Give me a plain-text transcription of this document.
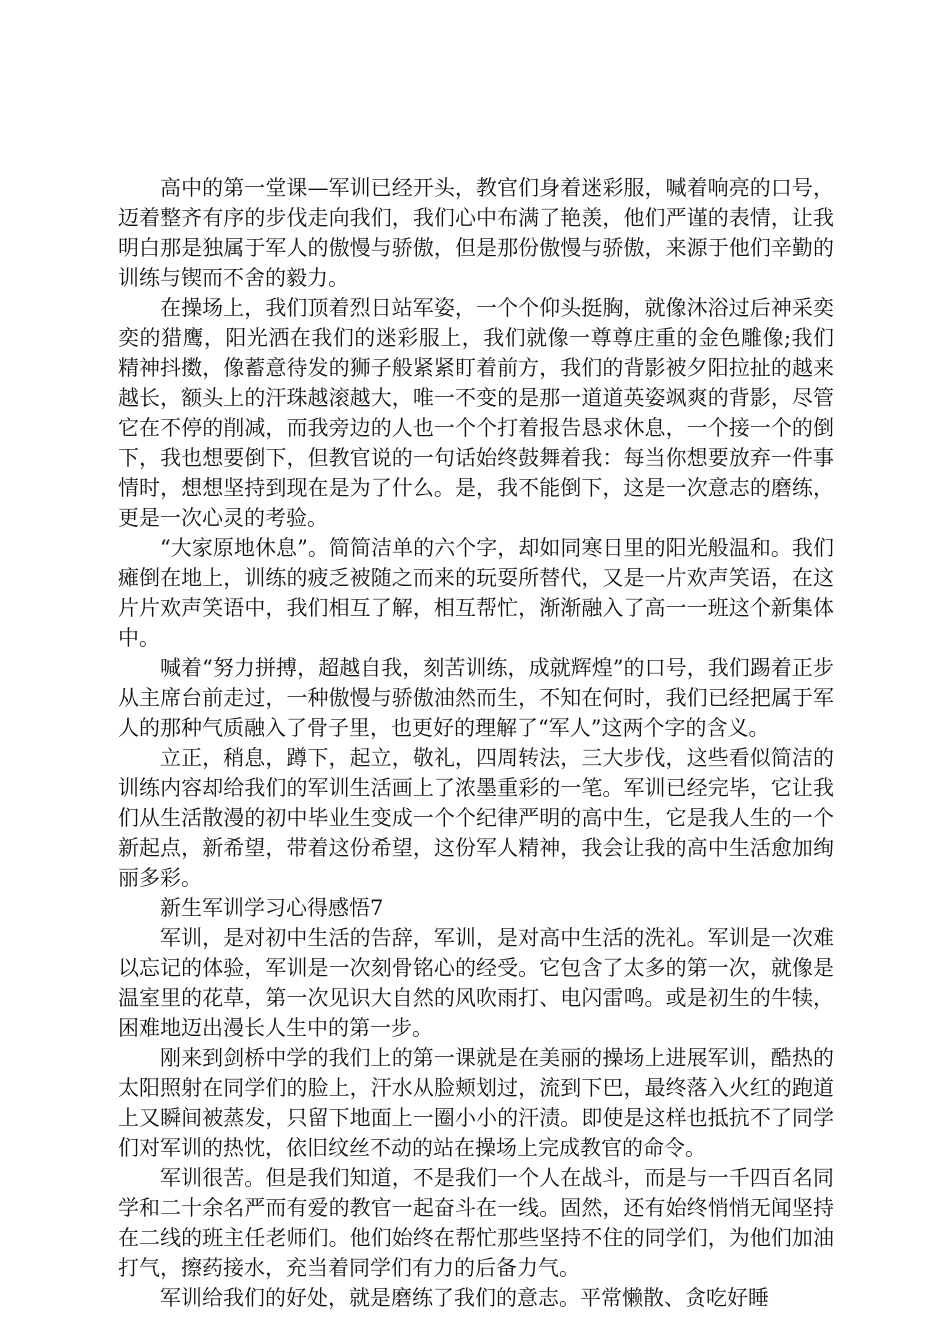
高中的第一堂课—军训已经开头，教官们身着迷彩服，喊着响亮的口号，迈着整齐有序的步伐走向我们，我们心中布满了艳羡，他们严谨的表情，让我明白那是独属于军人的傲慢与骄傲，但是那份傲慢与骄傲，来源于他们辛勤的训练与锲而不舍的毅力。

在操场上，我们顶着烈日站军姿，一个个仰头挺胸，就像沐浴过后神采奕奕的猎鹰，阳光洒在我们的迷彩服上，我们就像一尊尊庄重的金色雕像;我们精神抖擞，像蓄意待发的狮子般紧紧盯着前方，我们的背影被夕阳拉扯的越来越长，额头上的汗珠越滚越大，唯一不变的是那一道道英姿飒爽的背影，尽管它在不停的削减，而我旁边的人也一个个打着报告恳求休息，一个接一个的倒下，我也想要倒下，但教官说的一句话始终鼓舞着我：每当你想要放弃一件事情时，想想坚持到现在是为了什么。是，我不能倒下，这是一次意志的磨练，更是一次心灵的考验。

“大家原地休息”。简简洁单的六个字，却如同寒日里的阳光般温和。我们瘫倒在地上，训练的疲乏被随之而来的玩耍所替代，又是一片欢声笑语，在这片片欢声笑语中，我们相互了解，相互帮忙，渐渐融入了高一一班这个新集体中。

喊着“努力拼搏，超越自我，刻苦训练，成就辉煌”的口号，我们踢着正步从主席台前走过，一种傲慢与骄傲油然而生，不知在何时，我们已经把属于军人的那种气质融入了骨子里，也更好的理解了“军人”这两个字的含义。

立正，稍息，蹲下，起立，敬礼，四周转法，三大步伐，这些看似简洁的训练内容却给我们的军训生活画上了浓墨重彩的一笔。军训已经完毕，它让我们从生活散漫的初中毕业生变成一个个纪律严明的高中生，它是我人生的一个新起点，新希望，带着这份希望，这份军人精神，我会让我的高中生活愈加绚丽多彩。

新生军训学习心得感悟7

军训，是对初中生活的告辞，军训，是对高中生活的洗礼。军训是一次难以忘记的体验，军训是一次刻骨铭心的经受。它包含了太多的第一次，就像是温室里的花草，第一次见识大自然的风吹雨打、电闪雷鸣。或是初生的牛犊，困难地迈出漫长人生中的第一步。

刚来到剑桥中学的我们上的第一课就是在美丽的操场上进展军训，酷热的太阳照射在同学们的脸上，汗水从脸颊划过，流到下巴，最终落入火红的跑道上又瞬间被蒸发，只留下地面上一圈小小的汗渍。即使是这样也抵抗不了同学们对军训的热忱，依旧纹丝不动的站在操场上完成教官的命令。

军训很苦。但是我们知道，不是我们一个人在战斗，而是与一千四百名同学和二十余名严而有爱的教官一起奋斗在一线。固然，还有始终悄悄无闻坚持在二线的班主任老师们。他们始终在帮忙那些坚持不住的同学们，为他们加油打气，擦药接水，充当着同学们有力的后备力气。

军训给我们的好处，就是磨练了我们的意志。平常懒散、贪吃好睡
